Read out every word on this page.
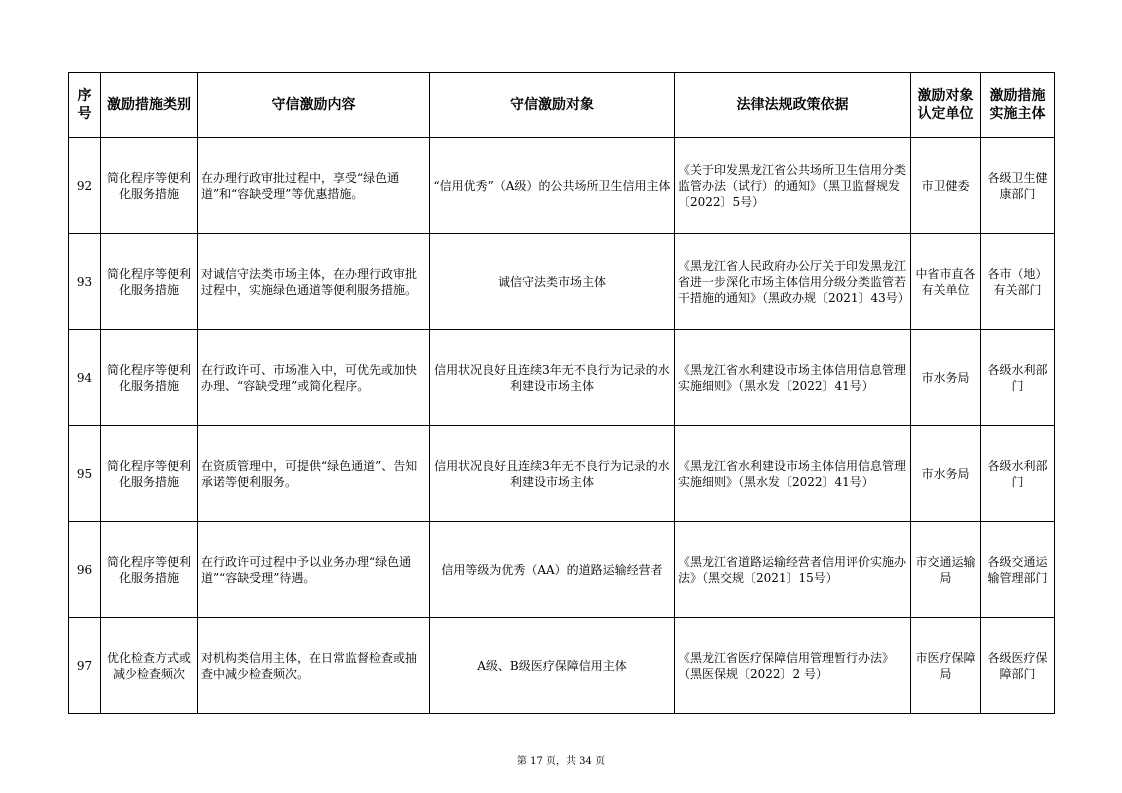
序号	激励措施类别	守信激励内容	守信激励对象	法律法规政策依据	激励对象认定单位	激励措施实施主体
92	简化程序等便利化服务措施	在办理行政审批过程中，享受“绿色通道”和“容缺受理”等优惠措施。	“信用优秀”（A级）的公共场所卫生信用主体	《关于印发黑龙江省公共场所卫生信用分类监管办法（试行）的通知》（黑卫监督规发〔2022〕5号）	市卫健委	各级卫生健康部门
93	简化程序等便利化服务措施	对诚信守法类市场主体，在办理行政审批过程中，实施绿色通道等便利服务措施。	诚信守法类市场主体	《黑龙江省人民政府办公厅关于印发黑龙江省进一步深化市场主体信用分级分类监管若干措施的通知》（黑政办规〔2021〕43号）	中省市直各有关单位	各市（地）有关部门
94	简化程序等便利化服务措施	在行政许可、市场准入中，可优先或加快办理、“容缺受理”或简化程序。	信用状况良好且连续3年无不良行为记录的水利建设市场主体	《黑龙江省水利建设市场主体信用信息管理实施细则》（黑水发〔2022〕41号）	市水务局	各级水利部门
95	简化程序等便利化服务措施	在资质管理中，可提供“绿色通道”、告知承诺等便利服务。	信用状况良好且连续3年无不良行为记录的水利建设市场主体	《黑龙江省水利建设市场主体信用信息管理实施细则》（黑水发〔2022〕41号）	市水务局	各级水利部门
96	简化程序等便利化服务措施	在行政许可过程中予以业务办理“绿色通道”“容缺受理”待遇。	信用等级为优秀（AA）的道路运输经营者	《黑龙江省道路运输经营者信用评价实施办法》（黑交规〔2021〕15号）	市交通运输局	各级交通运输管理部门
97	优化检查方式或减少检查频次	对机构类信用主体，在日常监督检查或抽查中减少检查频次。	A级、B级医疗保障信用主体	《黑龙江省医疗保障信用管理暂行办法》（黑医保规〔2022〕2 号）	市医疗保障局	各级医疗保障部门
第 17 页，共 34 页
